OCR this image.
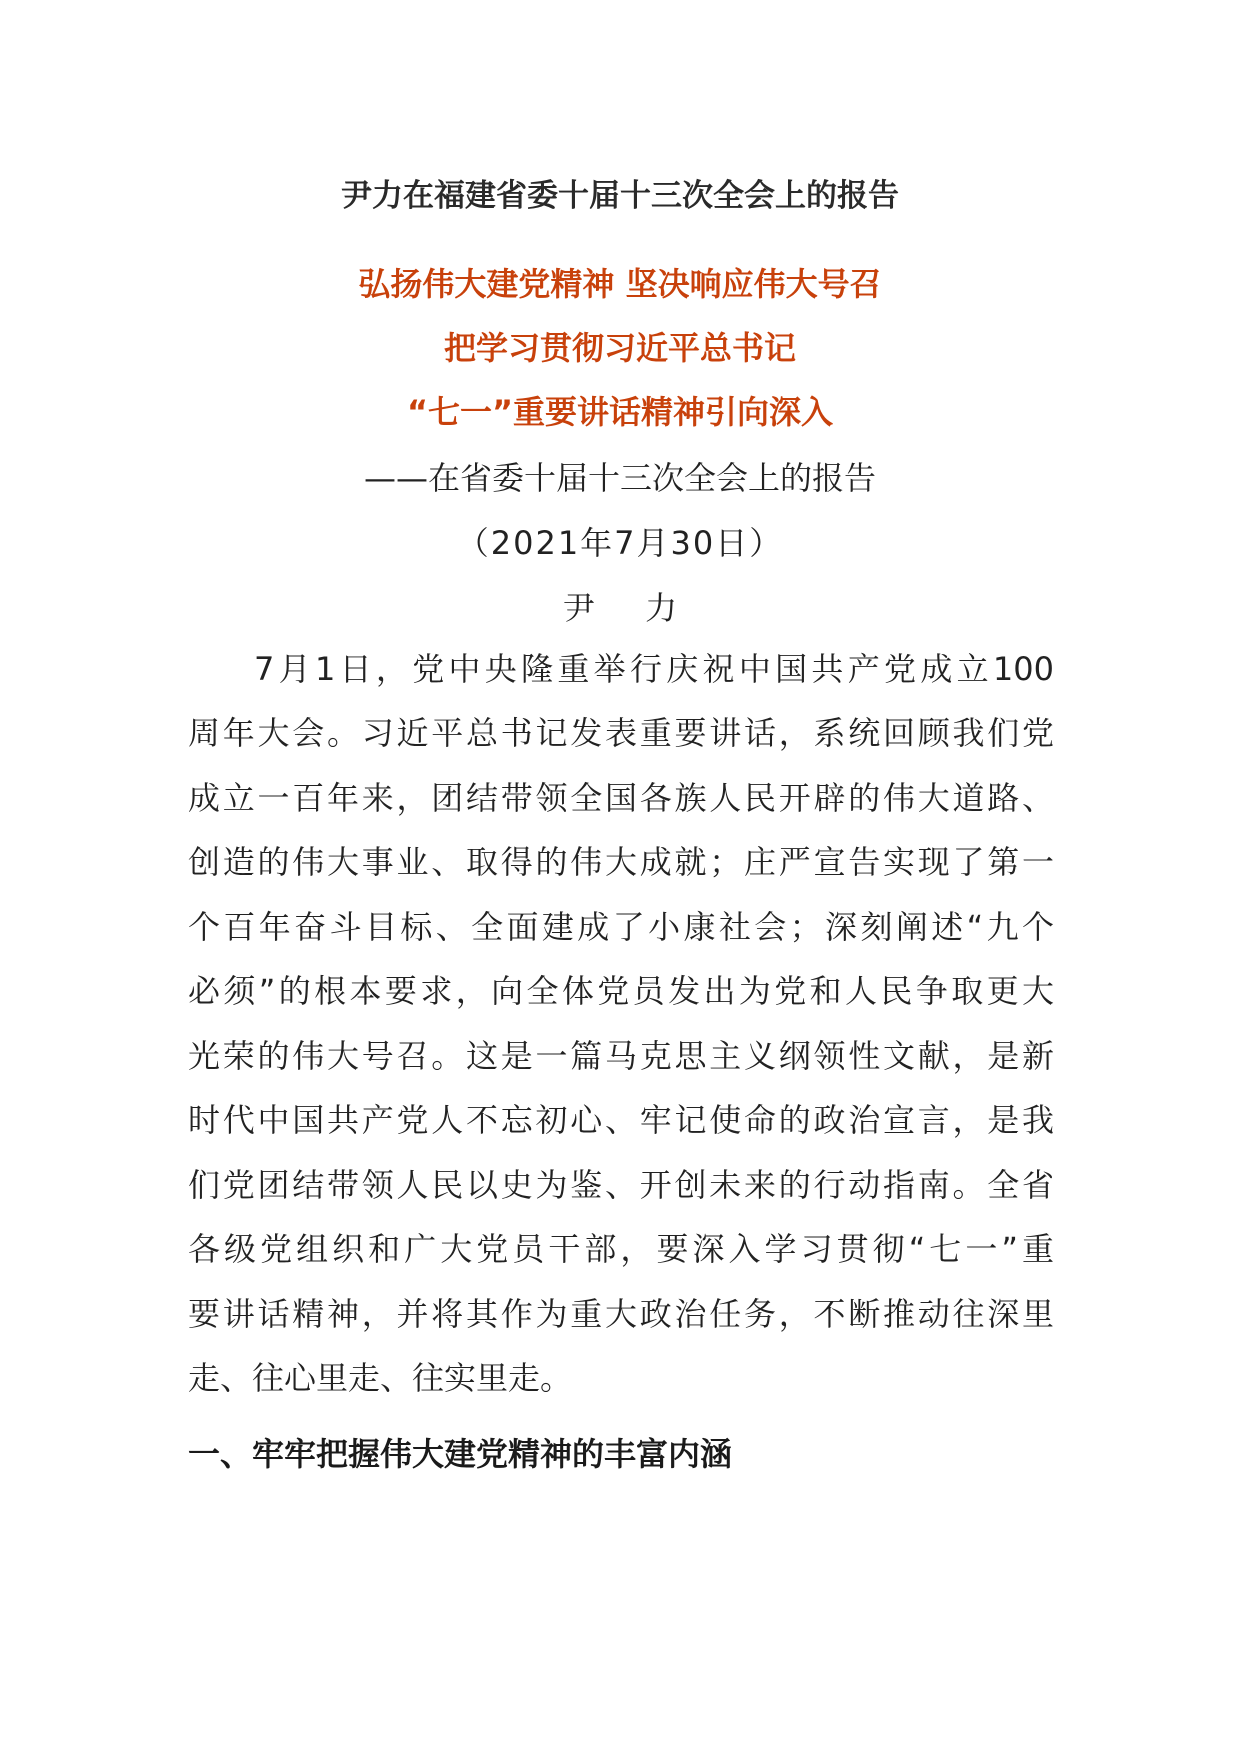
尹力在福建省委十届十三次全会上的报告
弘扬伟大建党精神 坚决响应伟大号召
把学习贯彻习近平总书记
“七一”重要讲话精神引向深入
——在省委十届十三次全会上的报告
（2021年7月30日）
尹 力
7月1日，党中央隆重举行庆祝中国共产党成立100
周年大会。习近平总书记发表重要讲话，系统回顾我们党
成立一百年来，团结带领全国各族人民开辟的伟大道路、
创造的伟大事业、取得的伟大成就；庄严宣告实现了第一
个百年奋斗目标、全面建成了小康社会；深刻阐述“九个
必须”的根本要求，向全体党员发出为党和人民争取更大
光荣的伟大号召。这是一篇马克思主义纲领性文献，是新
时代中国共产党人不忘初心、牢记使命的政治宣言，是我
们党团结带领人民以史为鉴、开创未来的行动指南。全省
各级党组织和广大党员干部，要深入学习贯彻“七一”重
要讲话精神，并将其作为重大政治任务，不断推动往深里
走、往心里走、往实里走。
一、牢牢把握伟大建党精神的丰富内涵
